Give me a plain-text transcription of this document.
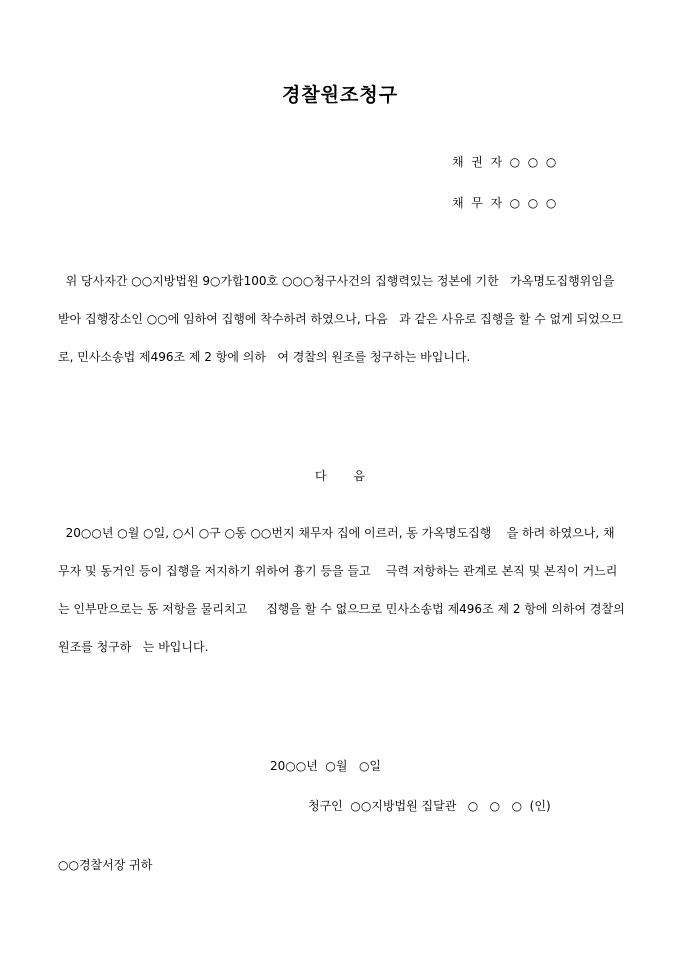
경찰원조청구
채  권  자  ○  ○  ○
채  무  자  ○  ○  ○
위 당사자간 ○○지방법원 9○가합100호 ○○○청구사건의 집행력있는 정본에 기한   가옥명도집행위임을 받아 집행장소인 ○○에 임하여 집행에 착수하려 하였으나, 다음   과 같은 사유로 집행을 할 수 없게 되었으므로, 민사소송법 제496조 제 2 항에 의하   여 경찰의 원조를 청구하는 바입니다.
다       음
20○○년 ○월 ○일, ○시 ○구 ○동 ○○번지 채무자 집에 이르러, 동 가옥명도집행    을 하려 하였으나, 채무자 및 동거인 등이 집행을 저지하기 위하여 흉기 등을 들고    극력 저항하는 관계로 본직 및 본직이 거느리는 인부만으로는 동 저항을 물리치고     집행을 할 수 없으므로 민사소송법 제496조 제 2 항에 의하여 경찰의 원조를 청구하   는 바입니다.
20○○년  ○월   ○일
청구인  ○○지방법원 집달관   ○   ○   ○  (인)
○○경찰서장 귀하
